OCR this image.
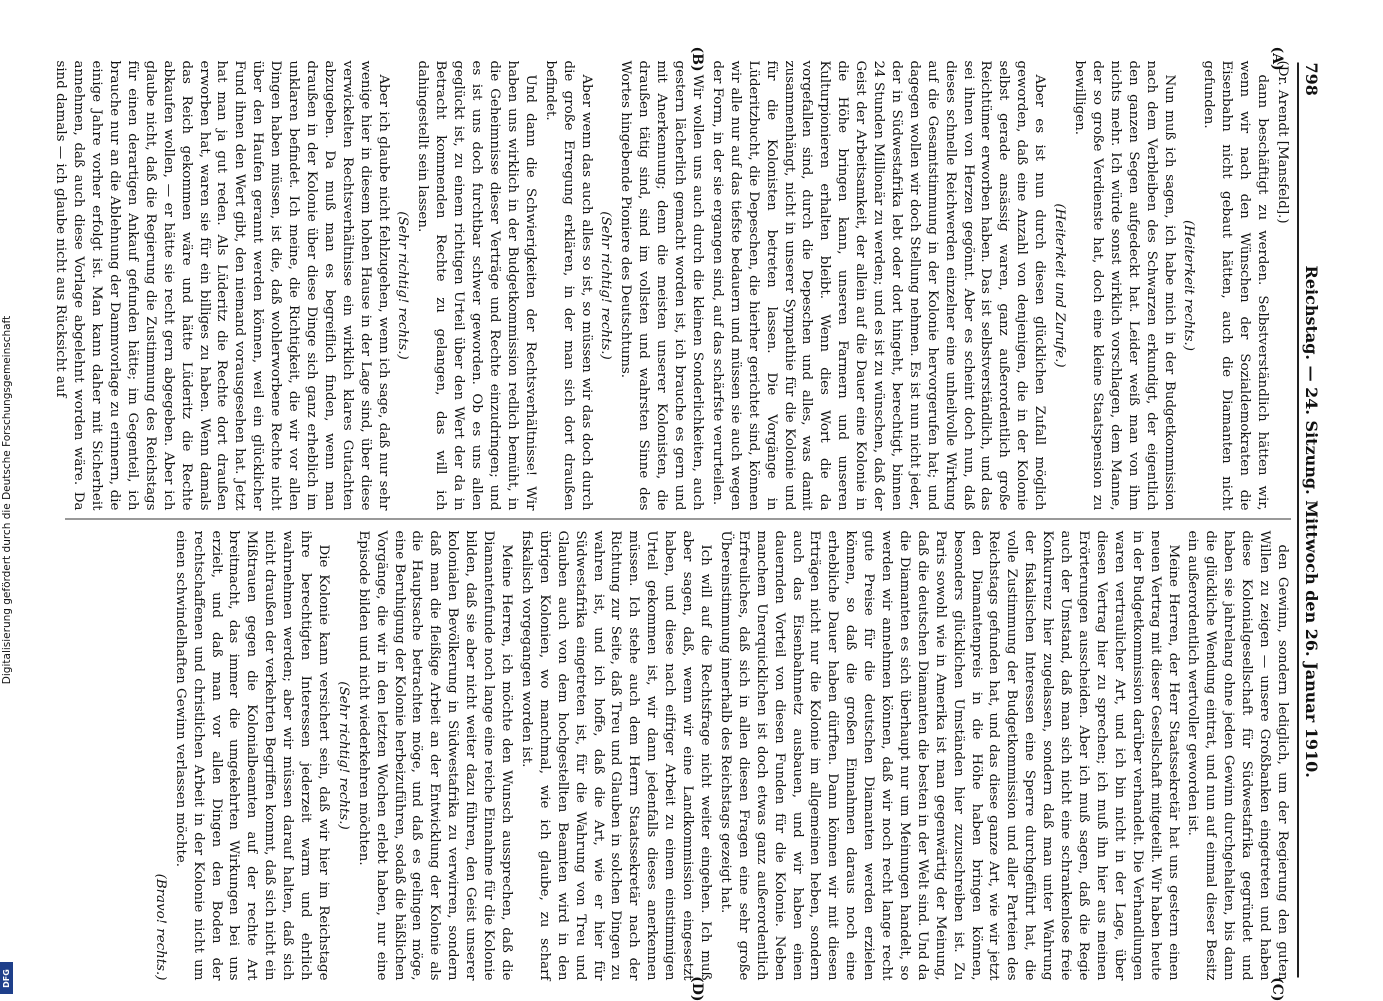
Digitalisierung gefördert durch die Deutsche Forschungsgemeinschaft
DFG
798
Reichstag. — 24. Sitzung. Mittwoch den 26. Januar 1910.

(Dr. Arendt [Mansfeld].)

dann beschäftigt zu werden. Selbstverständlich hätten wir, wenn wir nach den Wünschen der Sozialdemokraten die Eisenbahn nicht gebaut hätten, auch die Diamanten nicht gefunden.

(Heiterkeit rechts.)

Nun muß ich sagen, ich habe mich in der Budgetkommission nach dem Verbleiben des Schwarzen erkundigt, der eigentlich den ganzen Segen aufgedeckt hat. Leider weiß man von ihm nichts mehr. Ich würde sonst wirklich vorschlagen, dem Manne, der so große Verdienste hat, doch eine kleine Staatspension zu bewilligen.

(Heiterkeit und Zurufe.)

Aber es ist nun durch diesen glücklichen Zufall möglich geworden, daß eine Anzahl von denjenigen, die in der Kolonie selbst gerade ansässig waren, ganz außerordentlich große Reichtümer erworben haben. Das ist selbstverständlich, und das sei ihnen von Herzen gegönnt. Aber es scheint doch nun, daß dieses schnelle Reichwerden einzelner eine unheilvolle Wirkung auf die Gesamtstimmung in der Kolonie hervorgerufen hat; und dagegen wollen wir doch Stellung nehmen. Es ist nun nicht jeder, der in Südwestafrika lebt oder dort hingeht, berechtigt, binnen 24 Stunden Millionär zu werden; und es ist zu wünschen, daß der Geist der Arbeitsamkeit, der allein auf die Dauer eine Kolonie in die Höhe bringen kann, unseren Farmern und unseren Kulturpionieren erhalten bleibt. Wenn dies Wort die da vorgefallen sind, durch die Depeschen und alles, was damit zusammenhängt, nicht in unserer Sympathie für die Kolonie und für die Kolonisten betreten lassen. Die Vorgänge in Lüderitzbucht, die Depeschen, die hierher gerichtet sind, können wir alle nur auf das tiefste bedauern und müssen sie auch wegen der Form, in der sie ergangen sind, auf das schärfste verurteilen.

Wir wollen uns auch durch die kleinen Sonderlichkeiten, auch gestern lächerlich gemacht worden ist, ich brauche es gern und mit Anerkennung; denn die meisten unserer Kolonisten, die draußen tätig sind, sind im vollsten und wahrsten Sinne des Wortes hingebende Pioniere des Deutschtums.

(Sehr richtig! rechts.)

Aber wenn das auch alles so ist, so müssen wir das doch durch die große Erregung erklären, in der man sich dort draußen befindet.

Und dann die Schwierigkeiten der Rechtsverhältnisse! Wir haben uns wirklich in der Budgetkommission redlich bemüht, in die Geheimnisse dieser Verträge und Rechte einzudringen; und es ist uns doch furchtbar schwer geworden. Ob es uns allen geglückt ist, zu einem richtigen Urteil über den Wert der da in Betracht kommenden Rechte zu gelangen, das will ich dahingestellt sein lassen.

(Sehr richtig! rechts.)

Aber ich glaube nicht fehlzugehen, wenn ich sage, daß nur sehr wenige hier in diesem hohen Hause in der Lage sind, über diese verwickelten Rechtsverhältnisse ein wirklich klares Gutachten abzugeben. Da muß man es begreiflich finden, wenn man draußen in der Kolonie über diese Dinge sich ganz erheblich im unklaren befindet. Ich meine, die Richtigkeit, die wir vor allen Dingen haben müssen, ist die, daß wohlerworbene Rechte nicht über den Haufen gerannt werden können, weil ein glücklicher Fund ihnen den Wert gibt, den niemand vorausgesehen hat. Jetzt hat man ja gut reden. Als Lüderitz die Rechte dort draußen erworben hat, waren sie für ein billiges zu haben. Wenn damals das Reich gekommen wäre und hätte Lüderitz die Rechte abkaufen wollen, — er hätte sie recht gern abgegeben. Aber ich glaube nicht, daß die Regierung die Zustimmung des Reichstags für einen derartigen Ankauf gefunden hätte; im Gegenteil, ich brauche nur an die Ablehnung der Dammvorlage zu erinnern, die einige Jahre vorher erfolgt ist. Man kann daher mit Sicherheit annehmen, daß auch diese Vorlage abgelehnt worden wäre. Da sind damals — ich glaube nicht aus Rücksicht auf

den Gewinn, sondern lediglich, um der Regierung den guten Willen zu zeigen — unsere Großbanken eingetreten und haben diese Kolonialgesellschaft für Südwestafrika gegründet und haben sie jahrelang ohne jeden Gewinn durchgehalten, bis dann die glückliche Wendung eintrat, und nun auf einmal dieser Besitz ein außerordentlich wertvoller geworden ist.

Meine Herren, der Herr Staatssekretär hat uns gestern einen neuen Vertrag mit dieser Gesellschaft mitgeteilt. Wir haben heute in der Budgetkommission darüber verhandelt. Die Verhandlungen waren vertraulicher Art, und ich bin nicht in der Lage, über diesen Vertrag hier zu sprechen; ich muß ihn hier aus meinen Erörterungen ausscheiden. Aber ich muß sagen, daß die Regie auch der Umstand, daß man sich nicht eine schrankenlose freie Konkurrenz hier zugelassen, sondern daß man unter Wahrung der fiskalischen Interessen eine Sperre durchgeführt hat, die volle Zustimmung der Budgetkommission und aller Parteien des Reichstags gefunden hat, und das diese ganze Art, wie wir jetzt den Diamantenpreis in die Höhe haben bringen können, besonders glücklichen Umständen hier zuzuschreiben ist. Zu Paris sowohl wie in Amerika ist man gegenwärtig der Meinung, daß die deutschen Diamanten die besten in der Welt sind. Und da die Diamanten es sich überhaupt nur um Meinungen handelt, so werden wir annehmen können, daß wir noch recht lange recht gute Preise für die deutschen Diamanten werden erzielen können, so daß die großen Einnahmen daraus noch eine erhebliche Dauer haben dürften. Dann können wir mit diesen Erträgen nicht nur die Kolonie im allgemeinen heben, sondern auch das Eisenbahnnetz ausbauen, und wir haben einen dauernden Vorteil von diesen Funden für die Kolonie. Neben manchem Unerquicklichen ist doch etwas ganz außerordentlich Erfreuliches, daß sich in allen diesen Fragen eine sehr große Übereinstimmung innerhalb des Reichstags gezeigt hat.

Ich will auf die Rechtsfrage nicht weiter eingehen. Ich muß aber sagen, daß, wenn wir eine Landkommission eingesetzt haben, und diese nach eifriger Arbeit zu einem einstimmigen Urteil gekommen ist, wir dann jedenfalls dieses anerkennen müssen. Ich stehe auch dem Herrn Staatssekretär nach der Richtung zur Seite, daß Treu und Glauben in solchen Dingen zu wahren ist, und ich hoffe, daß die Art, wie er hier für Südwestafrika eingetreten ist, für die Wahrung von Treu und Glauben auch von dem hochgestellten Beamten wird in den übrigen Kolonien, wo manchmal, wie ich glaube, zu scharf fiskalisch vorgegangen worden ist.

Meine Herren, ich möchte den Wunsch aussprechen, daß die Diamantenfunde noch lange eine reiche Einnahme für die Kolonie bilden, daß sie aber nicht weiter dazu führen, den Geist unserer kolonialen Bevölkerung in Südwestafrika zu verwirren, sondern daß man die fleißige Arbeit an der Entwicklung der Kolonie als die Hauptsache betrachten möge, und daß es gelingen möge, eine Beruhigung der Kolonie herbeizuführen, sodaß die häßlichen Vorgänge, die wir in den letzten Wochen erlebt haben, nur eine Episode bilden und nicht wiederkehren möchten.

(Sehr richtig! rechts.)

Die Kolonie kann versichert sein, daß wir hier im Reichstage ihre berechtigten Interessen jederzeit warm und ehrlich wahrnehmen werden; aber wir müssen darauf halten, daß sich nicht draußen der verkehrten Begriffen kommt, daß sich nicht ein Mißtrauen gegen die Kolonialbeamten auf der rechte Art breitmacht, das immer die umgekehrten Wirkungen bei uns erzielt, und daß man vor allen Dingen den Boden der rechtschaffenen und christlichen Arbeit in der Kolonie nicht um einen schwindelhaften Gewinn verlassen möchte.

(Bravo! rechts.)

(A)
(B)
(C)
(D)
